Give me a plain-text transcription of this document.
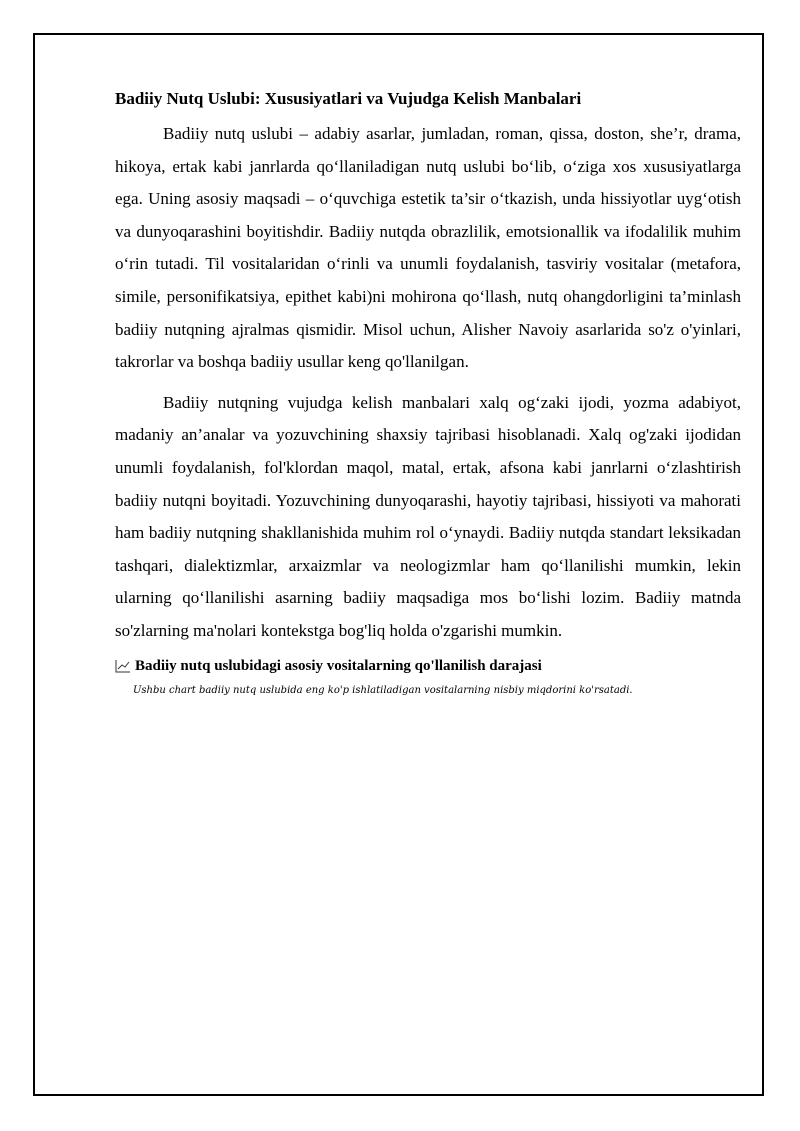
Badiiy Nutq Uslubi: Xususiyatlari va Vujudga Kelish Manbalari

Badiiy nutq uslubi – adabiy asarlar, jumladan, roman, qissa, doston, she’r, drama, hikoya, ertak kabi janrlarda qo‘llaniladigan nutq uslubi bo‘lib, o‘ziga xos xususiyatlarga ega. Uning asosiy maqsadi – o‘quvchiga estetik ta’sir o‘tkazish, unda hissiyotlar uyg‘otish va dunyoqarashini boyitishdir. Badiiy nutqda obrazlilik, emotsionallik va ifodalilik muhim o‘rin tutadi. Til vositalaridan o‘rinli va unumli foydalanish, tasviriy vositalar (metafora, simile, personifikatsiya, epithet kabi)ni mohirona qo‘llash, nutq ohangdorligini ta’minlash badiiy nutqning ajralmas qismidir. Misol uchun, Alisher Navoiy asarlarida so'z o'yinlari, takrorlar va boshqa badiiy usullar keng qo'llanilgan.

Badiiy nutqning vujudga kelish manbalari xalq og‘zaki ijodi, yozma adabiyot, madaniy an’analar va yozuvchining shaxsiy tajribasi hisoblanadi. Xalq og'zaki ijodidan unumli foydalanish, fol'klordan maqol, matal, ertak, afsona kabi janrlarni o‘zlashtirish badiiy nutqni boyitadi. Yozuvchining dunyoqarashi, hayotiy tajribasi, hissiyoti va mahorati ham badiiy nutqning shakllanishida muhim rol o‘ynaydi. Badiiy nutqda standart leksikadan tashqari, dialektizmlar, arxaizmlar va neologizmlar ham qo‘llanilishi mumkin, lekin ularning qo‘llanilishi asarning badiiy maqsadiga mos bo‘lishi lozim. Badiiy matnda so'zlarning ma'nolari kontekstga bog'liq holda o'zgarishi mumkin.

Badiiy nutq uslubidagi asosiy vositalarning qo'llanilish darajasi
Ushbu chart badiiy nutq uslubida eng ko'p ishlatiladigan vositalarning nisbiy miqdorini ko'rsatadi.
